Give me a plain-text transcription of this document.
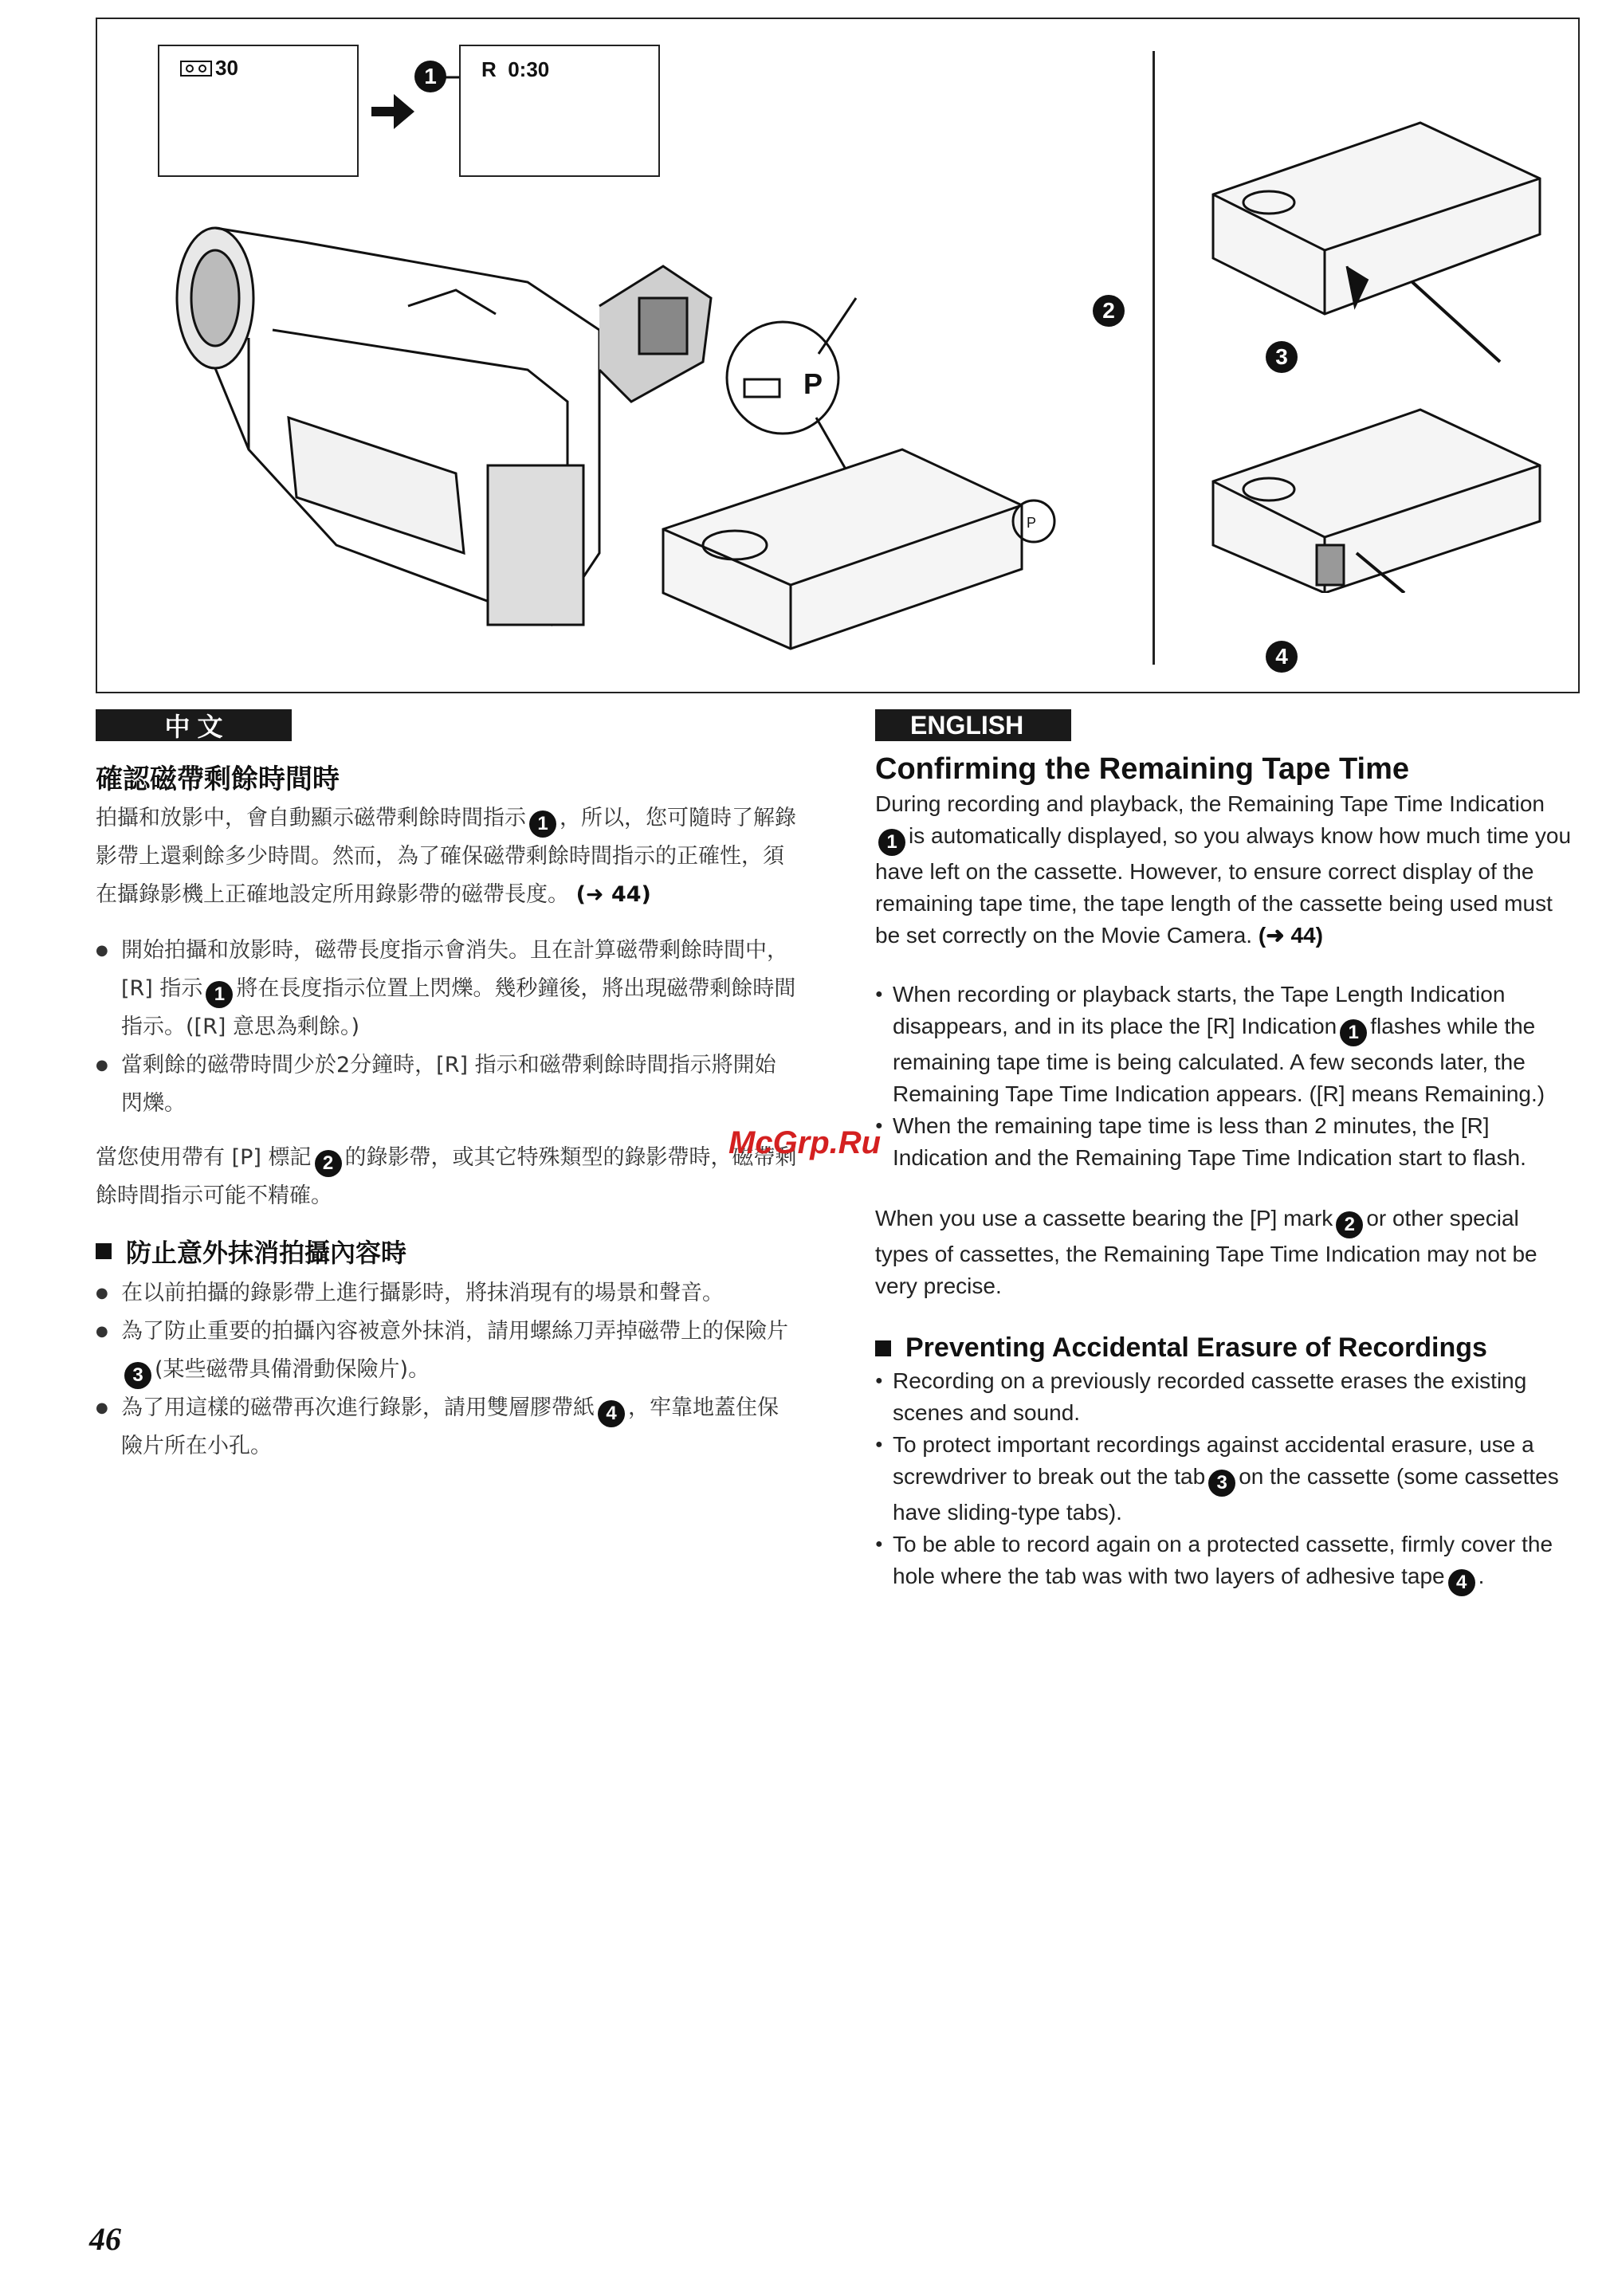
30	1	R  0:30
P
P
2
3
4
中 文
確認磁帶剩餘時間時

拍攝和放影中，會自動顯示磁帶剩餘時間指示 1 ，所以，您可隨時了解錄影帶上還剩餘多少時間。然而，為了確保磁帶剩餘時間指示的正確性，須在攝錄影機上正確地設定所用錄影帶的磁帶長度。 (➜ 44)

● 開始拍攝和放影時，磁帶長度指示會消失。且在計算磁帶剩餘時間中，[R] 指示 1 將在長度指示位置上閃爍。幾秒鐘後，將出現磁帶剩餘時間指示。([R] 意思為剩餘。)
● 當剩餘的磁帶時間少於2分鐘時，[R] 指示和磁帶剩餘時間指示將開始閃爍。

當您使用帶有 [P] 標記 2 的錄影帶，或其它特殊類型的錄影帶時，磁帶剩餘時間指示可能不精確。

防止意外抹消拍攝內容時
● 在以前拍攝的錄影帶上進行攝影時，將抹消現有的場景和聲音。
● 為了防止重要的拍攝內容被意外抹消，請用螺絲刀弄掉磁帶上的保險片3 (某些磁帶具備滑動保險片)。
● 為了用這樣的磁帶再次進行錄影，請用雙層膠帶紙 4 ，牢靠地蓋住保險片所在小孔。
McGrp.Ru
ENGLISH
Confirming the Remaining Tape Time

During recording and playback, the Remaining Tape Time Indication1 is automatically displayed, so you always know how much time you have left on the cassette. However, to ensure correct display of the remaining tape time, the tape length of the cassette being used must be set correctly on the Movie Camera. (➜ 44)

● When recording or playback starts, the Tape Length Indication disappears, and in its place the [R] Indication 1 flashes while the remaining tape time is being calculated. A few seconds later, the Remaining Tape Time Indication appears. ([R] means Remaining.)
● When the remaining tape time is less than 2 minutes, the [R] Indication and the Remaining Tape Time Indication start to flash.

When you use a cassette bearing the [P] mark 2 or other special types of cassettes, the Remaining Tape Time Indication may not be very precise.

Preventing Accidental Erasure of Recordings
● Recording on a previously recorded cassette erases the existing scenes and sound.
● To protect important recordings against accidental erasure, use a screwdriver to break out the tab 3 on the cassette (some cassettes have sliding-type tabs).
● To be able to record again on a protected cassette, firmly cover the hole where the tab was with two layers of adhesive tape 4 .
46
